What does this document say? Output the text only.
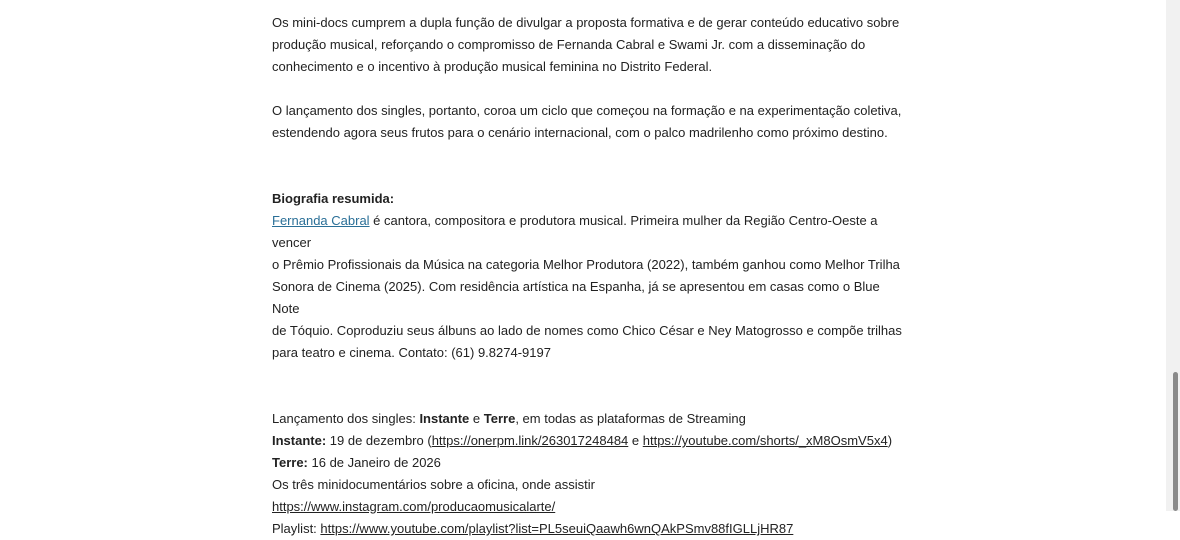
Os mini-docs cumprem a dupla função de divulgar a proposta formativa e de gerar conteúdo educativo sobre
produção musical, reforçando o compromisso de Fernanda Cabral e Swami Jr. com a disseminação do
conhecimento e o incentivo à produção musical feminina no Distrito Federal.

O lançamento dos singles, portanto, coroa um ciclo que começou na formação e na experimentação coletiva,
estendendo agora seus frutos para o cenário internacional, com o palco madrilenho como próximo destino.

Biografia resumida:
Fernanda Cabral é cantora, compositora e produtora musical. Primeira mulher da Região Centro-Oeste a vencer
o Prêmio Profissionais da Música na categoria Melhor Produtora (2022), também ganhou como Melhor Trilha
Sonora de Cinema (2025). Com residência artística na Espanha, já se apresentou em casas como o Blue Note
de Tóquio. Coproduziu seus álbuns ao lado de nomes como Chico César e Ney Matogrosso e compõe trilhas
para teatro e cinema. Contato: (61) 9.8274-9197

Lançamento dos singles: Instante e Terre, em todas as plataformas de Streaming
Instante: 19 de dezembro (https://onerpm.link/263017248484 e https://youtube.com/shorts/_xM8OsmV5x4)
Terre: 16 de Janeiro de 2026
Os três minidocumentários sobre a oficina, onde assistir
https://www.instagram.com/producaomusicalarte/
Playlist: https://www.youtube.com/playlist?list=PL5seuiQaawh6wnQAkPSmv88fIGLLjHR87
